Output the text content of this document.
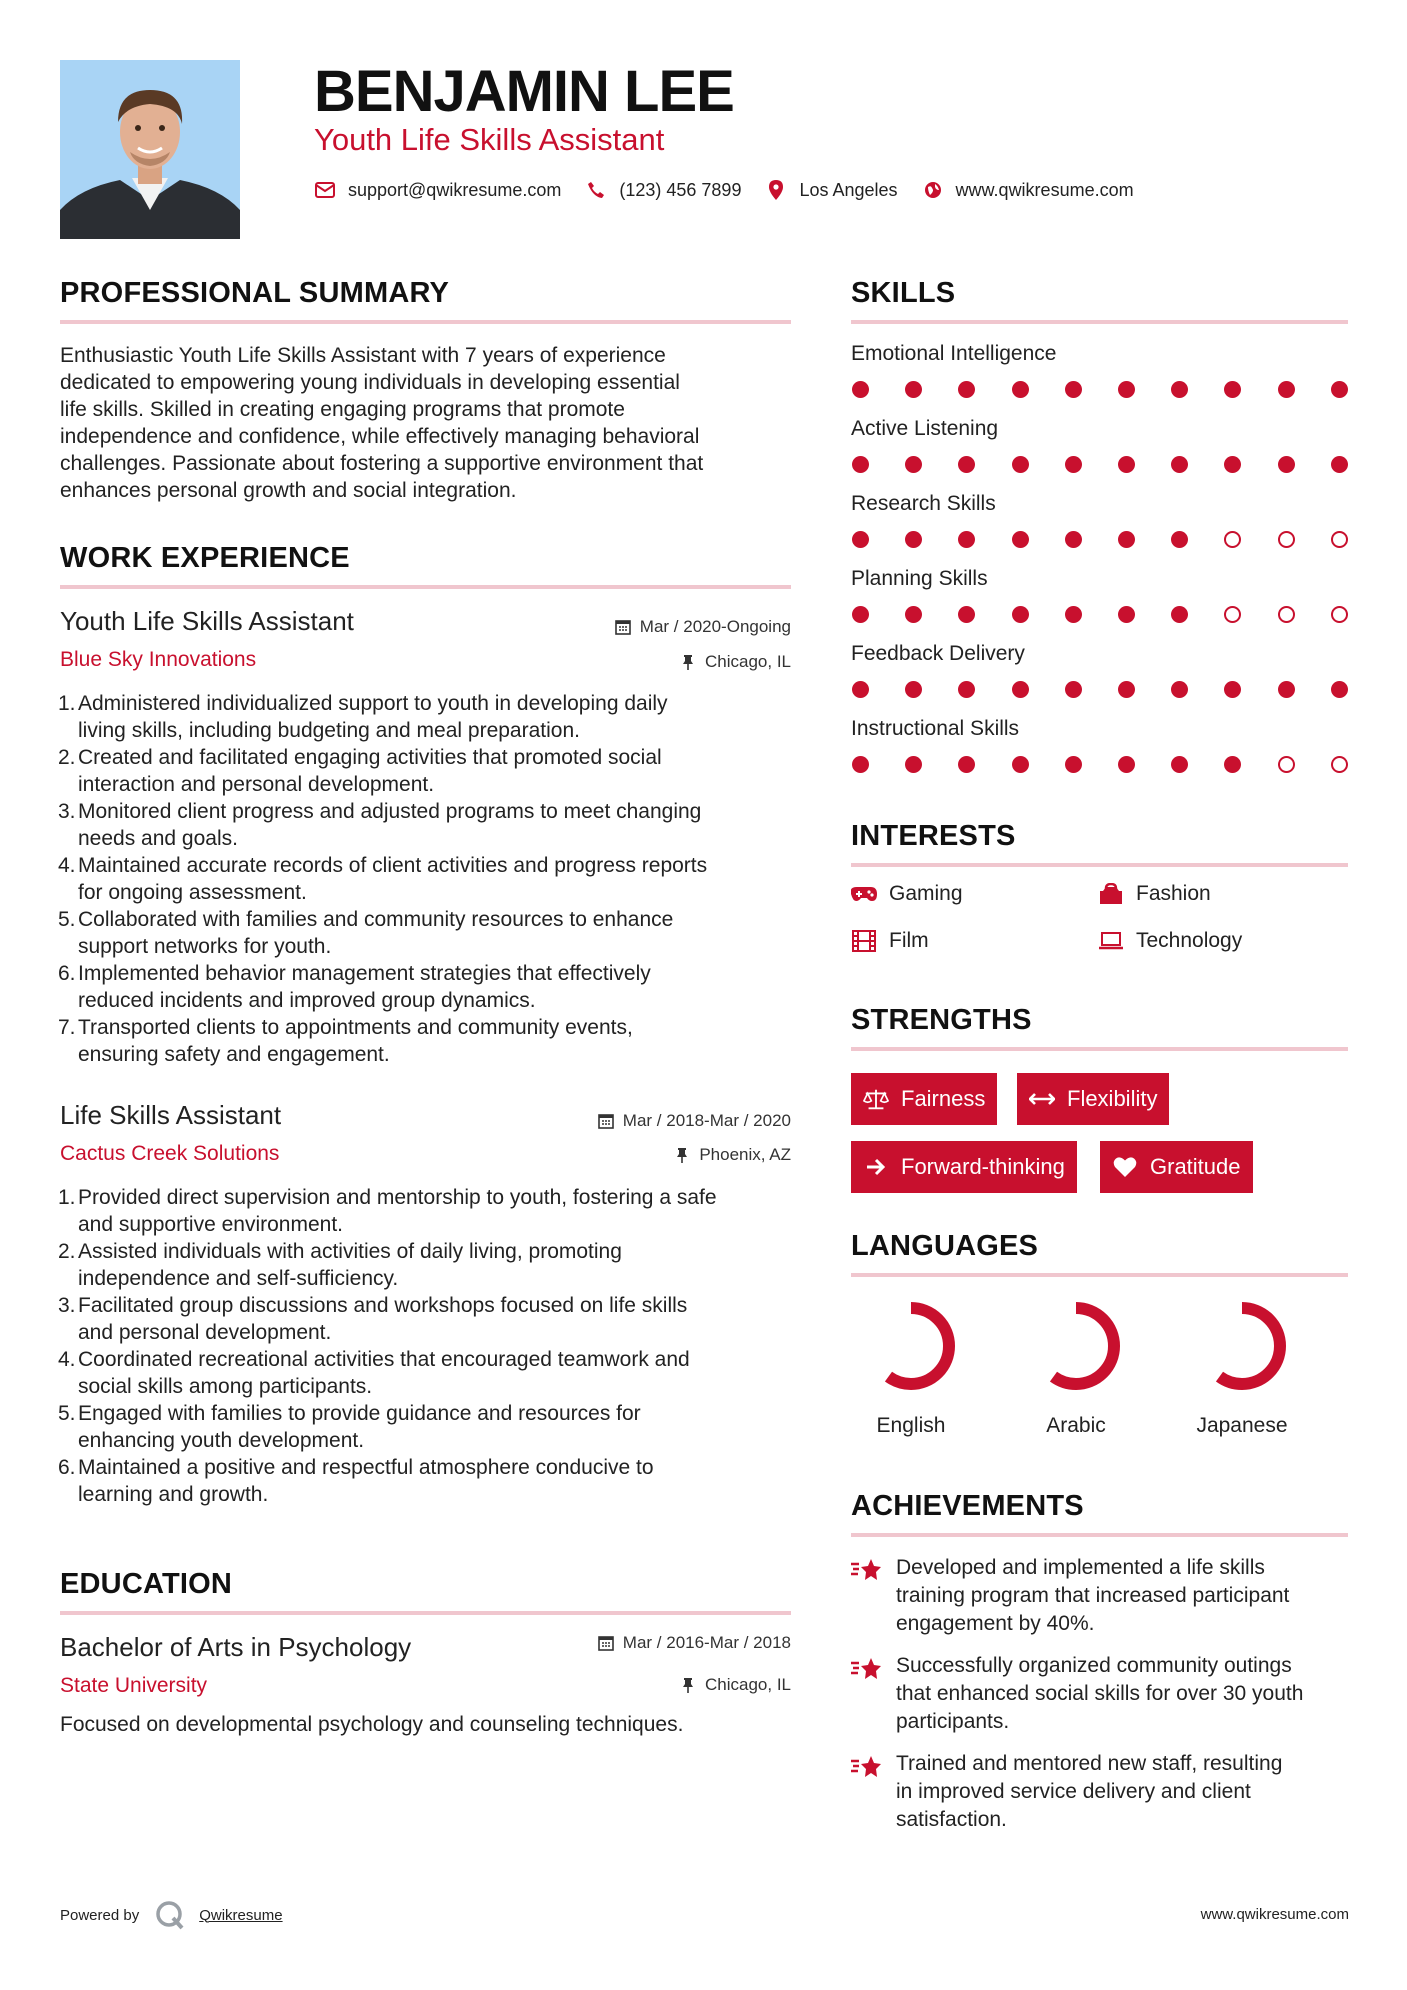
BENJAMIN LEE
Youth Life Skills Assistant
support@qwikresume.com	(123) 456 7899	Los Angeles	www.qwikresume.com
PROFESSIONAL SUMMARY
Enthusiastic Youth Life Skills Assistant with 7 years of experience
dedicated to empowering young individuals in developing essential
life skills. Skilled in creating engaging programs that promote
independence and confidence, while effectively managing behavioral
challenges. Passionate about fostering a supportive environment that
enhances personal growth and social integration.
WORK EXPERIENCE
Youth Life Skills Assistant	Mar / 2020-Ongoing
Blue Sky Innovations	Chicago, IL
1. Administered individualized support to youth in developing daily
living skills, including budgeting and meal preparation.
2. Created and facilitated engaging activities that promoted social
interaction and personal development.
3. Monitored client progress and adjusted programs to meet changing
needs and goals.
4. Maintained accurate records of client activities and progress reports
for ongoing assessment.
5. Collaborated with families and community resources to enhance
support networks for youth.
6. Implemented behavior management strategies that effectively
reduced incidents and improved group dynamics.
7. Transported clients to appointments and community events,
ensuring safety and engagement.
Life Skills Assistant	Mar / 2018-Mar / 2020
Cactus Creek Solutions	Phoenix, AZ
1. Provided direct supervision and mentorship to youth, fostering a safe
and supportive environment.
2. Assisted individuals with activities of daily living, promoting
independence and self-sufficiency.
3. Facilitated group discussions and workshops focused on life skills
and personal development.
4. Coordinated recreational activities that encouraged teamwork and
social skills among participants.
5. Engaged with families to provide guidance and resources for
enhancing youth development.
6. Maintained a positive and respectful atmosphere conducive to
learning and growth.
EDUCATION
Bachelor of Arts in Psychology	Mar / 2016-Mar / 2018
State University	Chicago, IL
Focused on developmental psychology and counseling techniques.
SKILLS
Emotional Intelligence
Active Listening
Research Skills
Planning Skills
Feedback Delivery
Instructional Skills
INTERESTS
Gaming	Fashion
Film	Technology
STRENGTHS
Fairness	Flexibility
Forward-thinking	Gratitude
LANGUAGES
English	Arabic	Japanese
ACHIEVEMENTS
Developed and implemented a life skills
training program that increased participant
engagement by 40%.
Successfully organized community outings
that enhanced social skills for over 30 youth
participants.
Trained and mentored new staff, resulting
in improved service delivery and client
satisfaction.
Powered by	Qwikresume	www.qwikresume.com
